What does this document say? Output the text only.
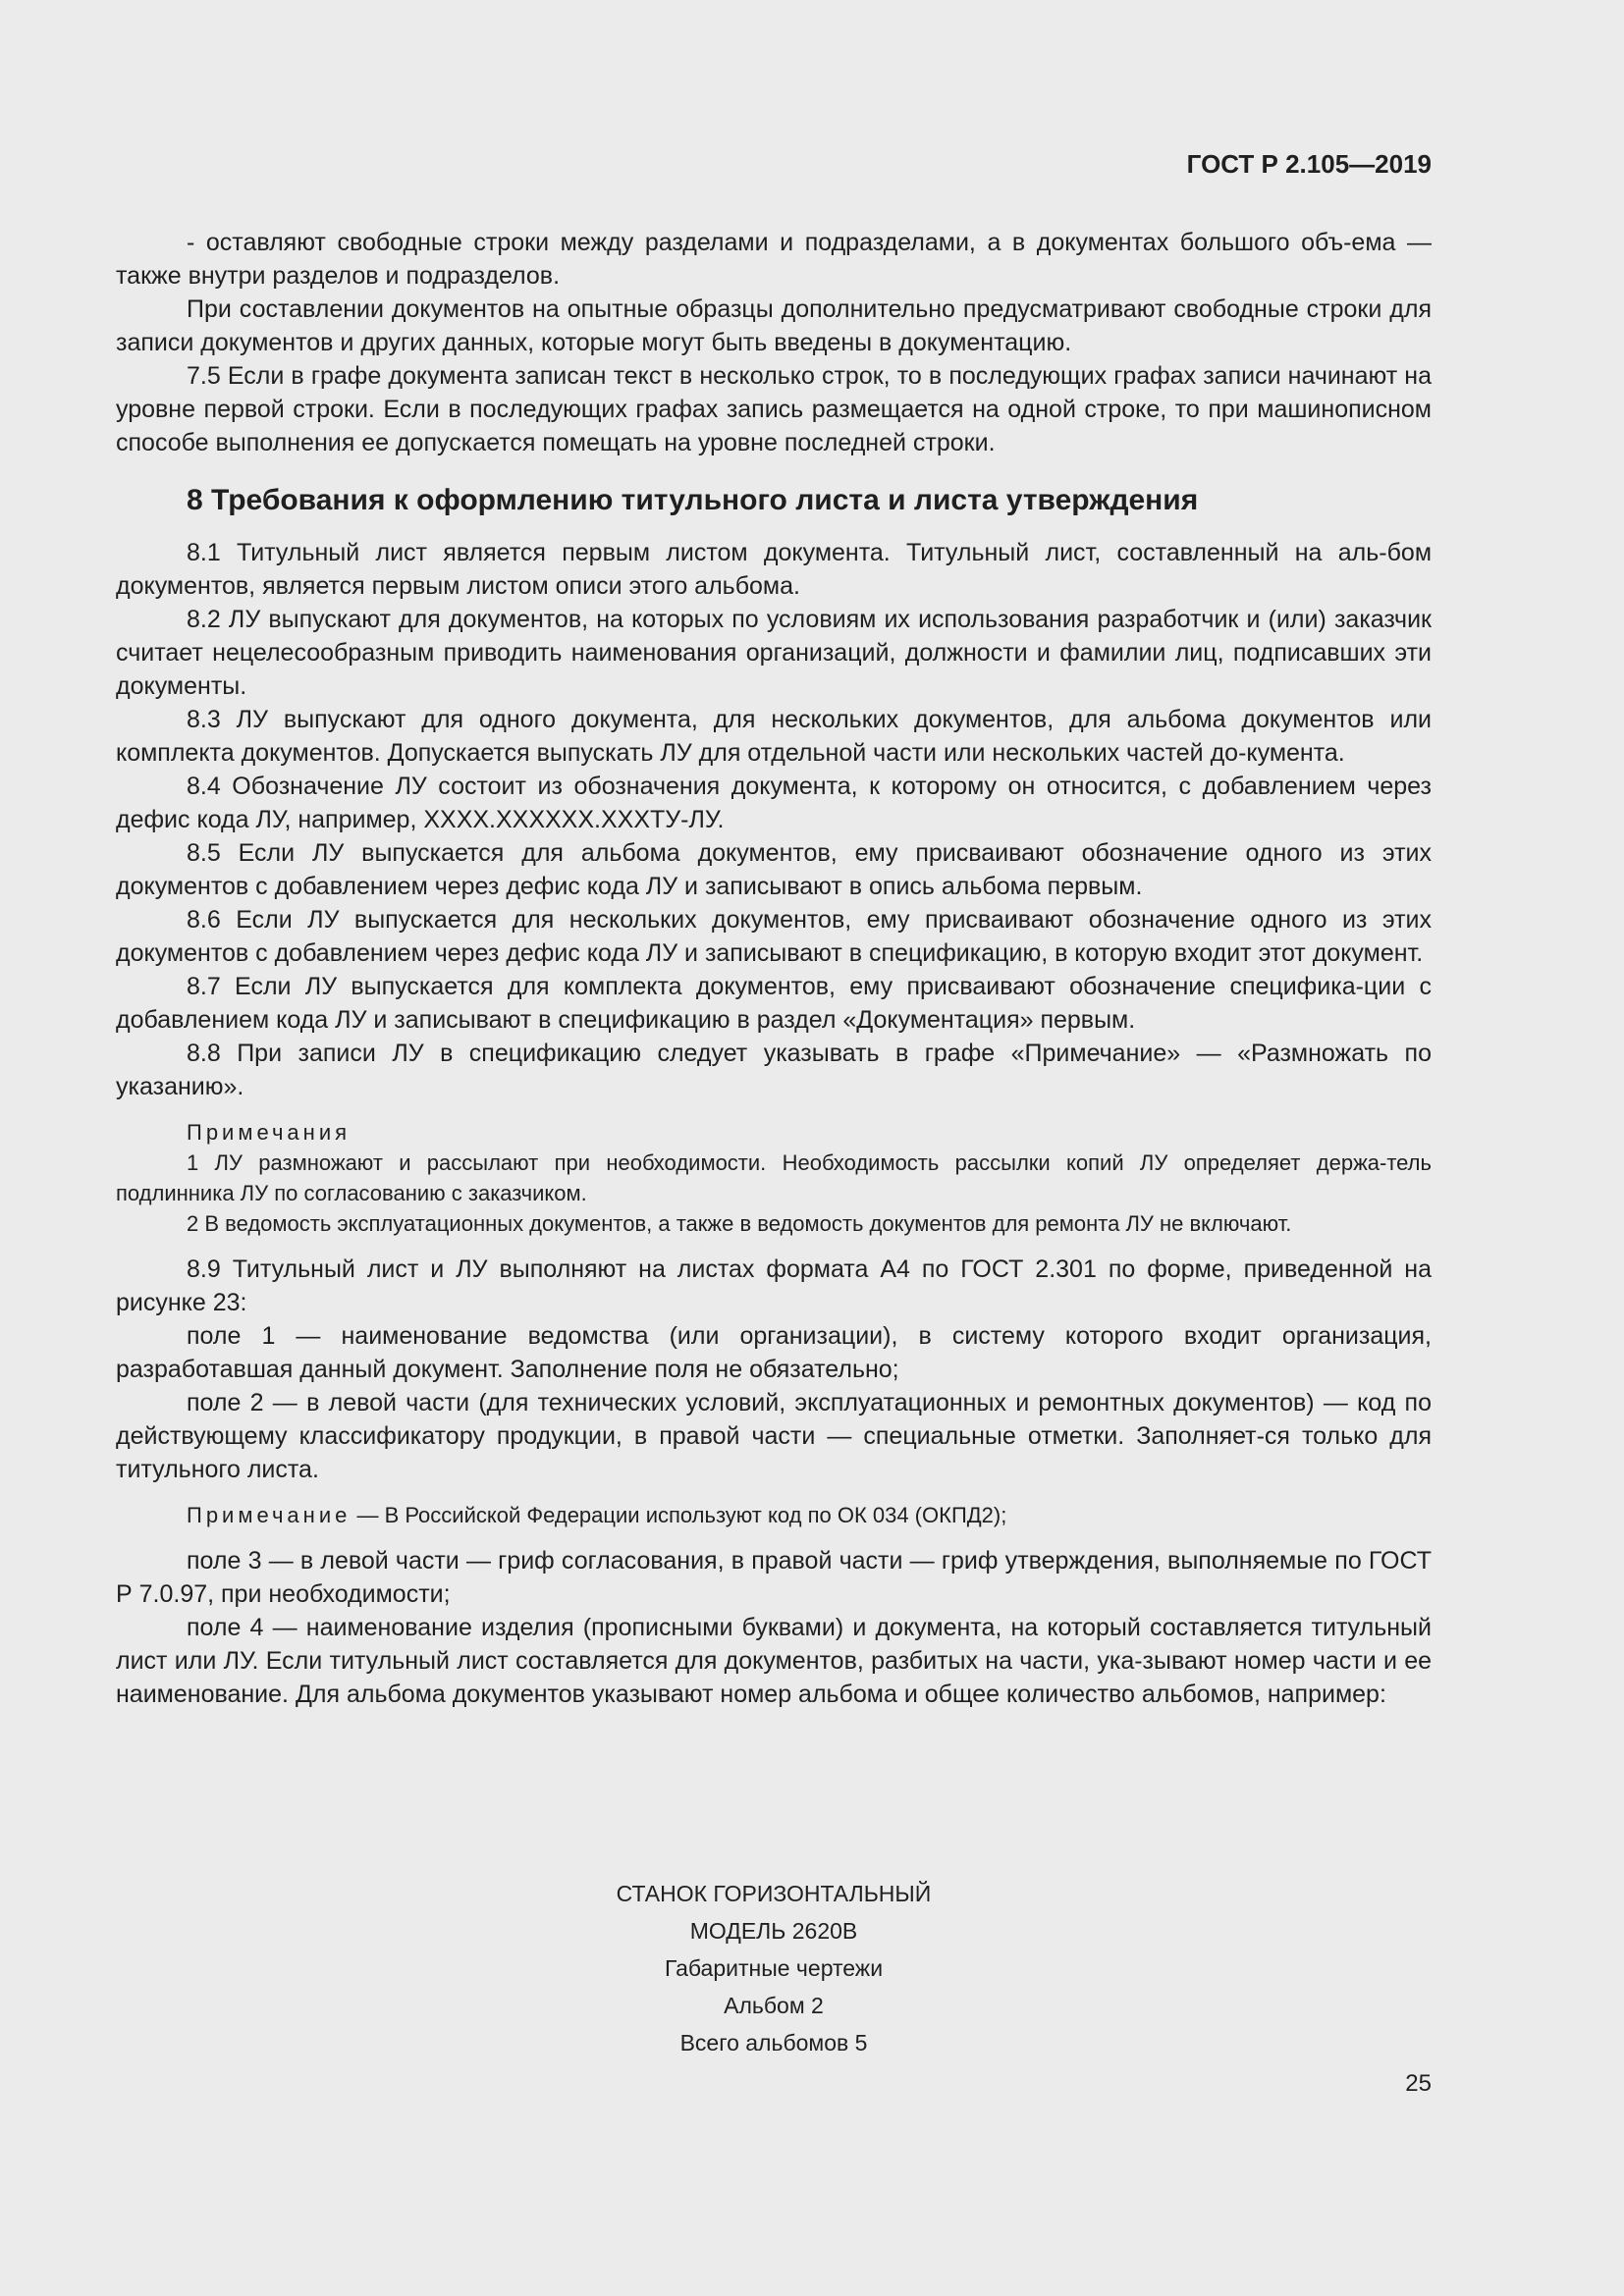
ГОСТ Р 2.105—2019

- оставляют свободные строки между разделами и подразделами, а в документах большого объ-ема — также внутри разделов и подразделов.

При составлении документов на опытные образцы дополнительно предусматривают свободные строки для записи документов и других данных, которые могут быть введены в документацию.

7.5 Если в графе документа записан текст в несколько строк, то в последующих графах записи начинают на уровне первой строки. Если в последующих графах запись размещается на одной строке, то при машинописном способе выполнения ее допускается помещать на уровне последней строки.

8 Требования к оформлению титульного листа и листа утверждения

8.1 Титульный лист является первым листом документа. Титульный лист, составленный на аль-бом документов, является первым листом описи этого альбома.

8.2 ЛУ выпускают для документов, на которых по условиям их использования разработчик и (или) заказчик считает нецелесообразным приводить наименования организаций, должности и фамилии лиц, подписавших эти документы.

8.3 ЛУ выпускают для одного документа, для нескольких документов, для альбома документов или комплекта документов. Допускается выпускать ЛУ для отдельной части или нескольких частей до-кумента.

8.4 Обозначение ЛУ состоит из обозначения документа, к которому он относится, с добавлением через дефис кода ЛУ, например, ХХХХ.ХХХХХХ.ХХХТУ-ЛУ.

8.5 Если ЛУ выпускается для альбома документов, ему присваивают обозначение одного из этих документов с добавлением через дефис кода ЛУ и записывают в опись альбома первым.

8.6 Если ЛУ выпускается для нескольких документов, ему присваивают обозначение одного из этих документов с добавлением через дефис кода ЛУ и записывают в спецификацию, в которую входит этот документ.

8.7 Если ЛУ выпускается для комплекта документов, ему присваивают обозначение специфика-ции с добавлением кода ЛУ и записывают в спецификацию в раздел «Документация» первым.

8.8 При записи ЛУ в спецификацию следует указывать в графе «Примечание» — «Размножать по указанию».

Примечания

1 ЛУ размножают и рассылают при необходимости. Необходимость рассылки копий ЛУ определяет держа-тель подлинника ЛУ по согласованию с заказчиком.

2 В ведомость эксплуатационных документов, а также в ведомость документов для ремонта ЛУ не включают.

8.9 Титульный лист и ЛУ выполняют на листах формата А4 по ГОСТ 2.301 по форме, приведенной на рисунке 23:

поле 1 — наименование ведомства (или организации), в систему которого входит организация, разработавшая данный документ. Заполнение поля не обязательно;

поле 2 — в левой части (для технических условий, эксплуатационных и ремонтных документов) — код по действующему классификатору продукции, в правой части — специальные отметки. Заполняет-ся только для титульного листа.

Примечание — В Российской Федерации используют код по ОК 034 (ОКПД2);

поле 3 — в левой части — гриф согласования, в правой части — гриф утверждения, выполняемые по ГОСТ Р 7.0.97, при необходимости;

поле 4 — наименование изделия (прописными буквами) и документа, на который составляется титульный лист или ЛУ. Если титульный лист составляется для документов, разбитых на части, ука-зывают номер части и ее наименование. Для альбома документов указывают номер альбома и общее количество альбомов, например:

СТАНОК ГОРИЗОНТАЛЬНЫЙ
МОДЕЛЬ 2620В
Габаритные чертежи
Альбом 2
Всего альбомов 5
25
